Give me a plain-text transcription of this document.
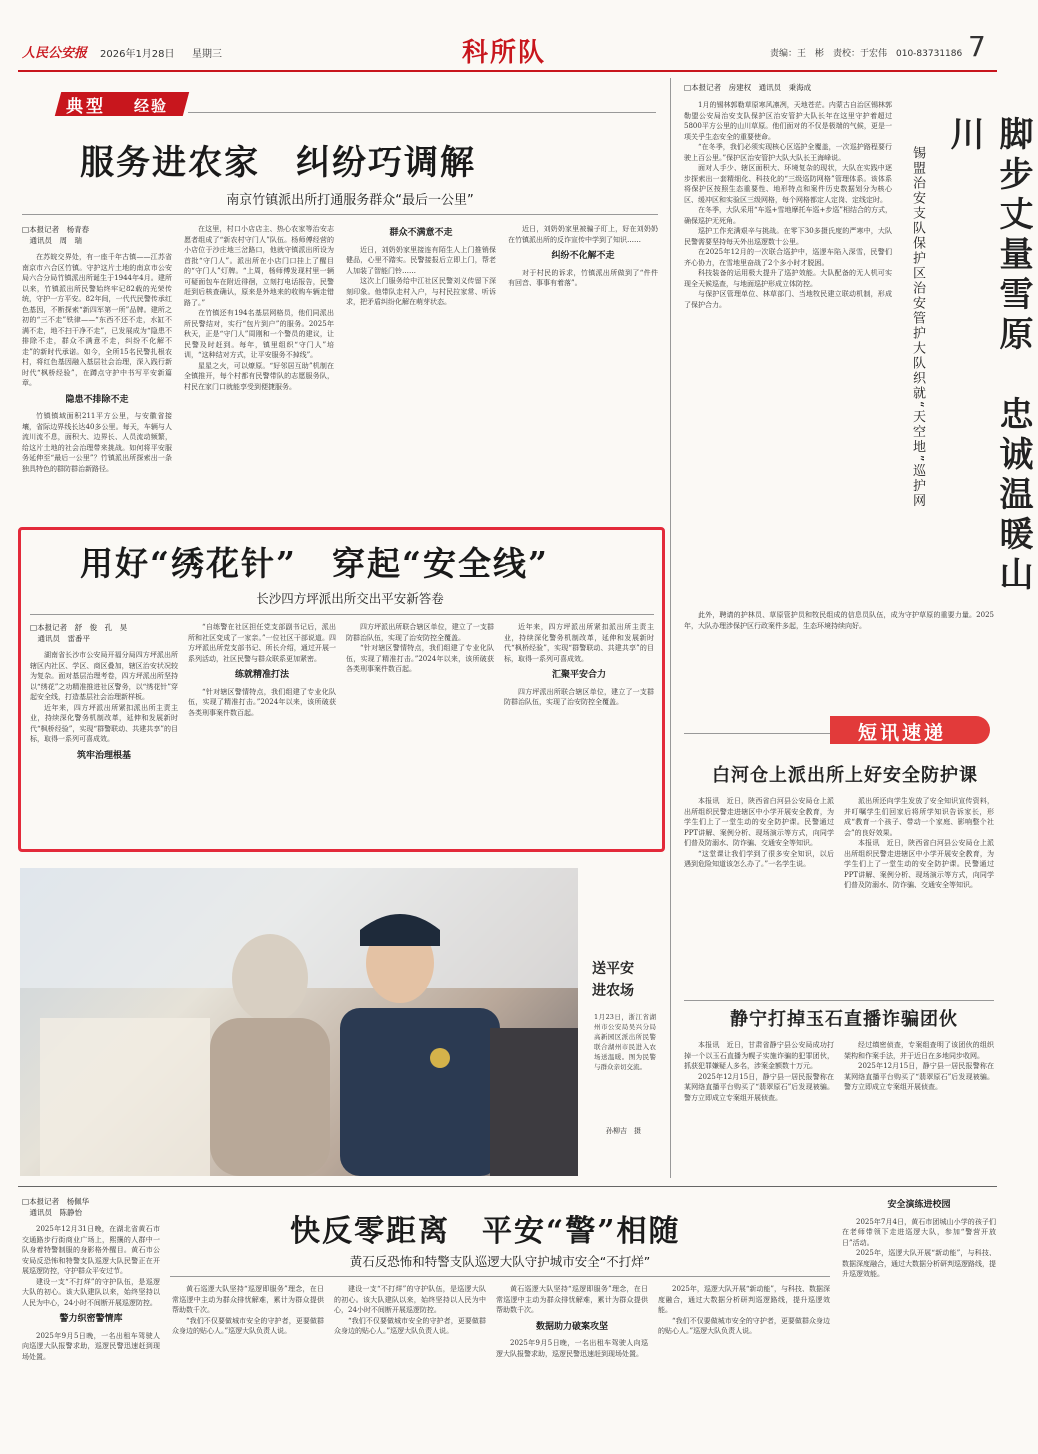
人民公安报 2026年1月28日 星期三	科所队	责编：王　彬　责校：于宏伟　010-83731186 7
典型 经验
服务进农家　纠纷巧调解
南京竹镇派出所打通服务群众“最后一公里”
□本报记者　杨青春
　通讯员　周　瑞

在苏皖交界处，有一座千年古镇——江苏省南京市六合区竹镇。守护这片土地的南京市公安局六合分局竹镇派出所诞生于1944年4月。建所以来，竹镇派出所民警始终牢记82载的光荣传统，守护一方平安。82年间，一代代民警传承红色基因，不断探索“新四军第一所”品牌。建所之初的“三不走”铁律——“东西不还不走，水缸不满不走，地不扫干净不走”，已发展成为“隐患不排除不走，群众不满意不走，纠纷不化解不走”的新时代承诺。如今，全所15名民警扎根农村，将红色基因融入基层社会治理，深入践行新时代“枫桥经验”，在蹲点守护中书写平安新篇章。

隐患不排除不走

竹镇镇域面积211平方公里，与安徽省接壤，省际边界线长达40多公里。每天，车辆与人流川流不息，面积大、边界长、人员流动频繁，给这片土地的社会治理带来挑战。如何将平安服务延伸至“最后一公里”？竹镇派出所探索出一条独具特色的群防群治新路径。

在这里，村口小店店主、热心农家等治安志愿者组成了“新农村守门人”队伍。杨师傅经营的小店位于沙庄地三岔路口，他就守镇派出所设为首批“守门人”。派出所在小店门口挂上了醒目的“守门人”灯牌。“上周，杨师傅发现村里一辆可疑面包车在附近徘徊，立刻打电话报告，民警赶到后核查确认，原来是外地来的收购车辆走错路了。”

在竹镇还有194名基层网格员，他们同派出所民警结对，实行“包片到户”的服务。2025年秋天，正是“守门人”周刚和一个警员的建议，让民警及时赶到。每年，镇里组织“守门人”培训，“这种结对方式，让平安服务不掉线”。

星星之火，可以燎原。“好邻居互助”机制在全镇推开，每个村都有民警带队的志愿服务队，村民在家门口就能享受到便捷服务。

群众不满意不走

近日，刘奶奶家里接连有陌生人上门推销保健品，心里不踏实。民警接报后立即上门，帮老人加装了智能门铃……

这次上门服务给中江社区民警刘义传留下深刻印象。他带队走村入户，与村民拉家常、听诉求，把矛盾纠纷化解在萌芽状态。

近日，刘奶奶家里被骗子盯上，好在刘奶奶在竹镇派出所的反诈宣传中学到了知识……

纠纷不化解不走

对于村民的诉求，竹镇派出所做到了“件件有回音、事事有着落”。

用好“绣花针”　穿起“安全线”
长沙四方坪派出所交出平安新答卷
□本报记者　舒　俊　孔　昊
　通讯员　雷番平

湖南省长沙市公安局开福分局四方坪派出所辖区内社区、学区、商区叠加，辖区治安状况较为复杂。面对基层治理考卷，四方坪派出所坚持以“绣花”之功精准推进社区警务，以“绣花针”穿起安全线，打造基层社会治理新样板。

近年来，四方坪派出所紧扣派出所主责主业，持续深化警务机制改革，延伸和发展新时代“枫桥经验”，实现“群警联动、共建共享”的目标，取得一系列可喜成效。

筑牢治理根基

“自练警在社区担任党支部副书记后，派出所和社区变成了一家亲。”一位社区干部说道。四方坪派出所党支部书记、所长介绍，通过开展一系列活动，社区民警与群众联系更加紧密。

练就精准打法

“针对辖区警情特点，我们组建了专业化队伍，实现了精准打击。”2024年以来，该所破获各类刑事案件数百起。

四方坪派出所联合辖区单位，建立了一支群防群治队伍，实现了治安防控全覆盖。

“针对辖区警情特点，我们组建了专业化队伍，实现了精准打击。”2024年以来，该所破获各类刑事案件数百起。

近年来，四方坪派出所紧扣派出所主责主业，持续深化警务机制改革，延伸和发展新时代“枫桥经验”，实现“群警联动、共建共享”的目标，取得一系列可喜成效。

汇聚平安合力

四方坪派出所联合辖区单位，建立了一支群防群治队伍，实现了治安防控全覆盖。

送平安
进农场
1月23日，浙江省湖州市公安局吴兴分局高新园区派出所民警联合湖州市民进入农场送温暖。图为民警与群众亲切交流。
孙柳吉　摄
□本报记者　房建权　通讯员　秉海成

1月的锡林郭勒草原寒风凛冽，天地苍茫。内蒙古自治区锡林郭勒盟公安局治安支队保护区治安管护大队长年在这里守护着超过5800平方公里的山川草原。他们面对的不仅是极端的气候，更是一项关乎生态安全的重要使命。

“在冬季，我们必须实现核心区巡护全覆盖，一次巡护路程要行驶上百公里。”保护区治安管护大队大队长王海峰说。

面对人手少、辖区面积大、环境复杂的现状，大队在实践中逐步探索出一套精细化、科技化的“三级巡防网格”管理体系。该体系将保护区按照生态重要性、地形特点和案件历史数据划分为核心区、缓冲区和实验区三级网格，每个网格都定人定岗、定线定时。

在冬季，大队采用“车巡+雪地摩托车巡+步巡”相结合的方式，确保巡护无死角。

巡护工作充满艰辛与挑战。在零下30多摄氏度的严寒中，大队民警需要坚持每天外出巡逻数十公里。

在2025年12月的一次联合巡护中，巡逻车陷入深雪，民警们齐心协力，在雪地里奋战了2个多小时才脱困。

科技装备的运用极大提升了巡护效能。大队配备的无人机可实现全天候巡查，与地面巡护形成立体防控。

与保护区管理单位、林草部门、当地牧民建立联动机制，形成了保护合力。	脚步丈量雪原　忠诚温暖山川
锡盟治安支队保护区治安管护大队织就“天空地”巡护网

此外，聘请的护林员、草原管护员和牧民组成的信息员队伍，成为守护草原的重要力量。2025年，大队办理涉保护区行政案件多起，生态环境持续向好。

短讯速递
白河仓上派出所上好安全防护课

本报讯　近日，陕西省白河县公安局仓上派出所组织民警走进辖区中小学开展安全教育，为学生们上了一堂生动的安全防护课。民警通过PPT讲解、案例分析、现场演示等方式，向同学们普及防溺水、防诈骗、交通安全等知识。

“这堂课让我们学到了很多安全知识，以后遇到危险知道该怎么办了。”一名学生说。

派出所还向学生发放了安全知识宣传资料，并叮嘱学生们回家后将所学知识告诉家长，形成“教育一个孩子、带动一个家庭、影响整个社会”的良好效果。

本报讯　近日，陕西省白河县公安局仓上派出所组织民警走进辖区中小学开展安全教育，为学生们上了一堂生动的安全防护课。民警通过PPT讲解、案例分析、现场演示等方式，向同学们普及防溺水、防诈骗、交通安全等知识。

静宁打掉玉石直播诈骗团伙

本报讯　近日，甘肃省静宁县公安局成功打掉一个以玉石直播为幌子实施诈骗的犯罪团伙，抓获犯罪嫌疑人多名，涉案金额数十万元。

2025年12月15日，静宁县一居民报警称在某网络直播平台购买了“翡翠原石”后发现被骗。警方立即成立专案组开展侦查。

经过缜密侦查，专案组查明了该团伙的组织架构和作案手法，并于近日在多地同步收网。

2025年12月15日，静宁县一居民报警称在某网络直播平台购买了“翡翠原石”后发现被骗。警方立即成立专案组开展侦查。

□本报记者　杨佩华
　通讯员　陈静怡

2025年12月31日晚，在湖北省黄石市交通路步行街商业广场上，熙攘的人群中一队身着特警制服的身影格外醒目。黄石市公安局反恐怖和特警支队巡逻大队民警正在开展巡逻防控，守护群众平安过节。

建设一支“不打烊”的守护队伍，是巡逻大队的初心。该大队建队以来，始终坚持以人民为中心，24小时不间断开展巡逻防控。

警力织密警情库

2025年9月5日晚，一名出租车驾驶人向巡逻大队报警求助，巡逻民警迅速赶到现场处置。

快反零距离　平安“警”相随
黄石反恐怖和特警支队巡逻大队守护城市安全“不打烊”

黄石巡逻大队坚持“巡逻即服务”理念，在日常巡逻中主动为群众排忧解难，累计为群众提供帮助数千次。

“我们不仅要做城市安全的守护者，更要做群众身边的贴心人。”巡逻大队负责人说。

建设一支“不打烊”的守护队伍，是巡逻大队的初心。该大队建队以来，始终坚持以人民为中心，24小时不间断开展巡逻防控。

“我们不仅要做城市安全的守护者，更要做群众身边的贴心人。”巡逻大队负责人说。

黄石巡逻大队坚持“巡逻即服务”理念，在日常巡逻中主动为群众排忧解难，累计为群众提供帮助数千次。

数据助力破案攻坚

2025年9月5日晚，一名出租车驾驶人向巡逻大队报警求助，巡逻民警迅速赶到现场处置。

2025年，巡逻大队开展“新动能”，与科技、数据深度融合，通过大数据分析研判巡逻路线，提升巡逻效能。

“我们不仅要做城市安全的守护者，更要做群众身边的贴心人。”巡逻大队负责人说。

安全演练进校园

2025年7月4日，黄石市团城山小学的孩子们在老师带领下走进巡逻大队，参加“警营开放日”活动。

2025年，巡逻大队开展“新动能”，与科技、数据深度融合，通过大数据分析研判巡逻路线，提升巡逻效能。
